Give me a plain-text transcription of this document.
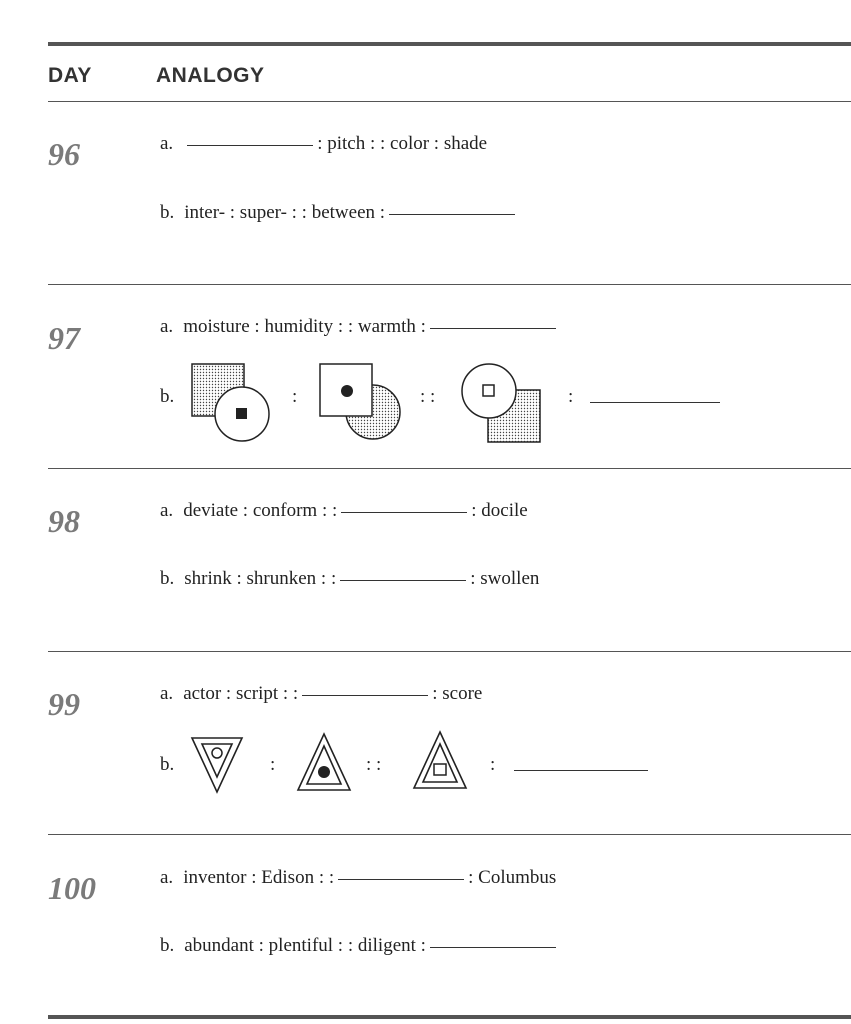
DAY	ANALOGY
96	a.	: pitch : : color : shade
b. inter- : super- : : between :
97	a. moisture : humidity : : warmth :
b.	:	: :	:
98	a. deviate : conform : :	: docile
b. shrink : shrunken : :	: swollen
99	a. actor : script : :	: score
b.	:	: :	:
100	a. inventor : Edison : :	: Columbus
b. abundant : plentiful : : diligent :
